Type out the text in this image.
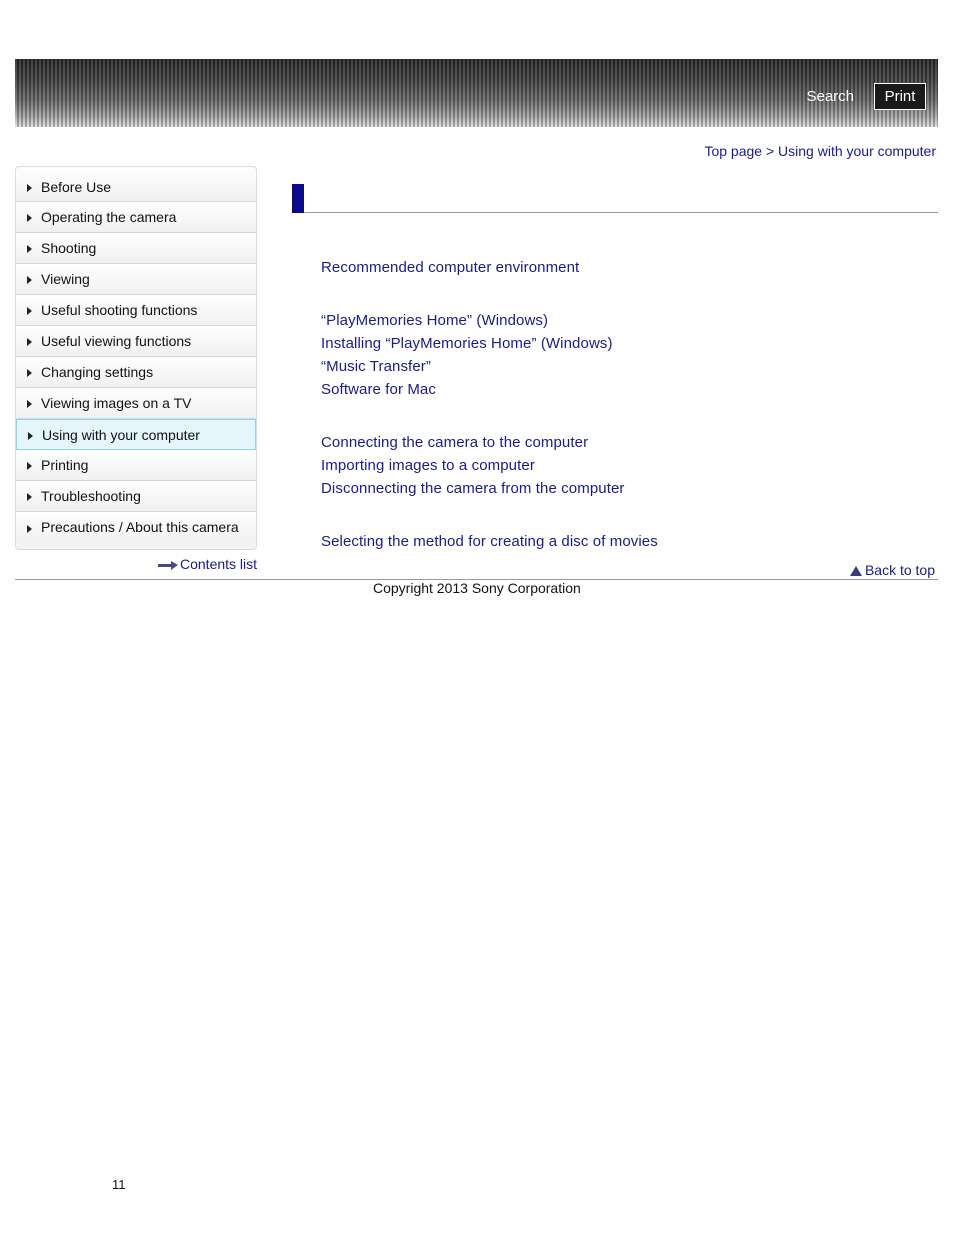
Search	Print
Top page > Using with your computer
Before Use
Operating the camera
Shooting
Viewing
Useful shooting functions
Useful viewing functions
Changing settings
Viewing images on a TV
Using with your computer
Printing
Troubleshooting
Precautions / About this camera
Contents list
Recommended computer environment
“PlayMemories Home” (Windows)
Installing “PlayMemories Home” (Windows)
“Music Transfer”
Software for Mac
Connecting the camera to the computer
Importing images to a computer
Disconnecting the camera from the computer
Selecting the method for creating a disc of movies
Back to top
Copyright 2013 Sony Corporation
11
